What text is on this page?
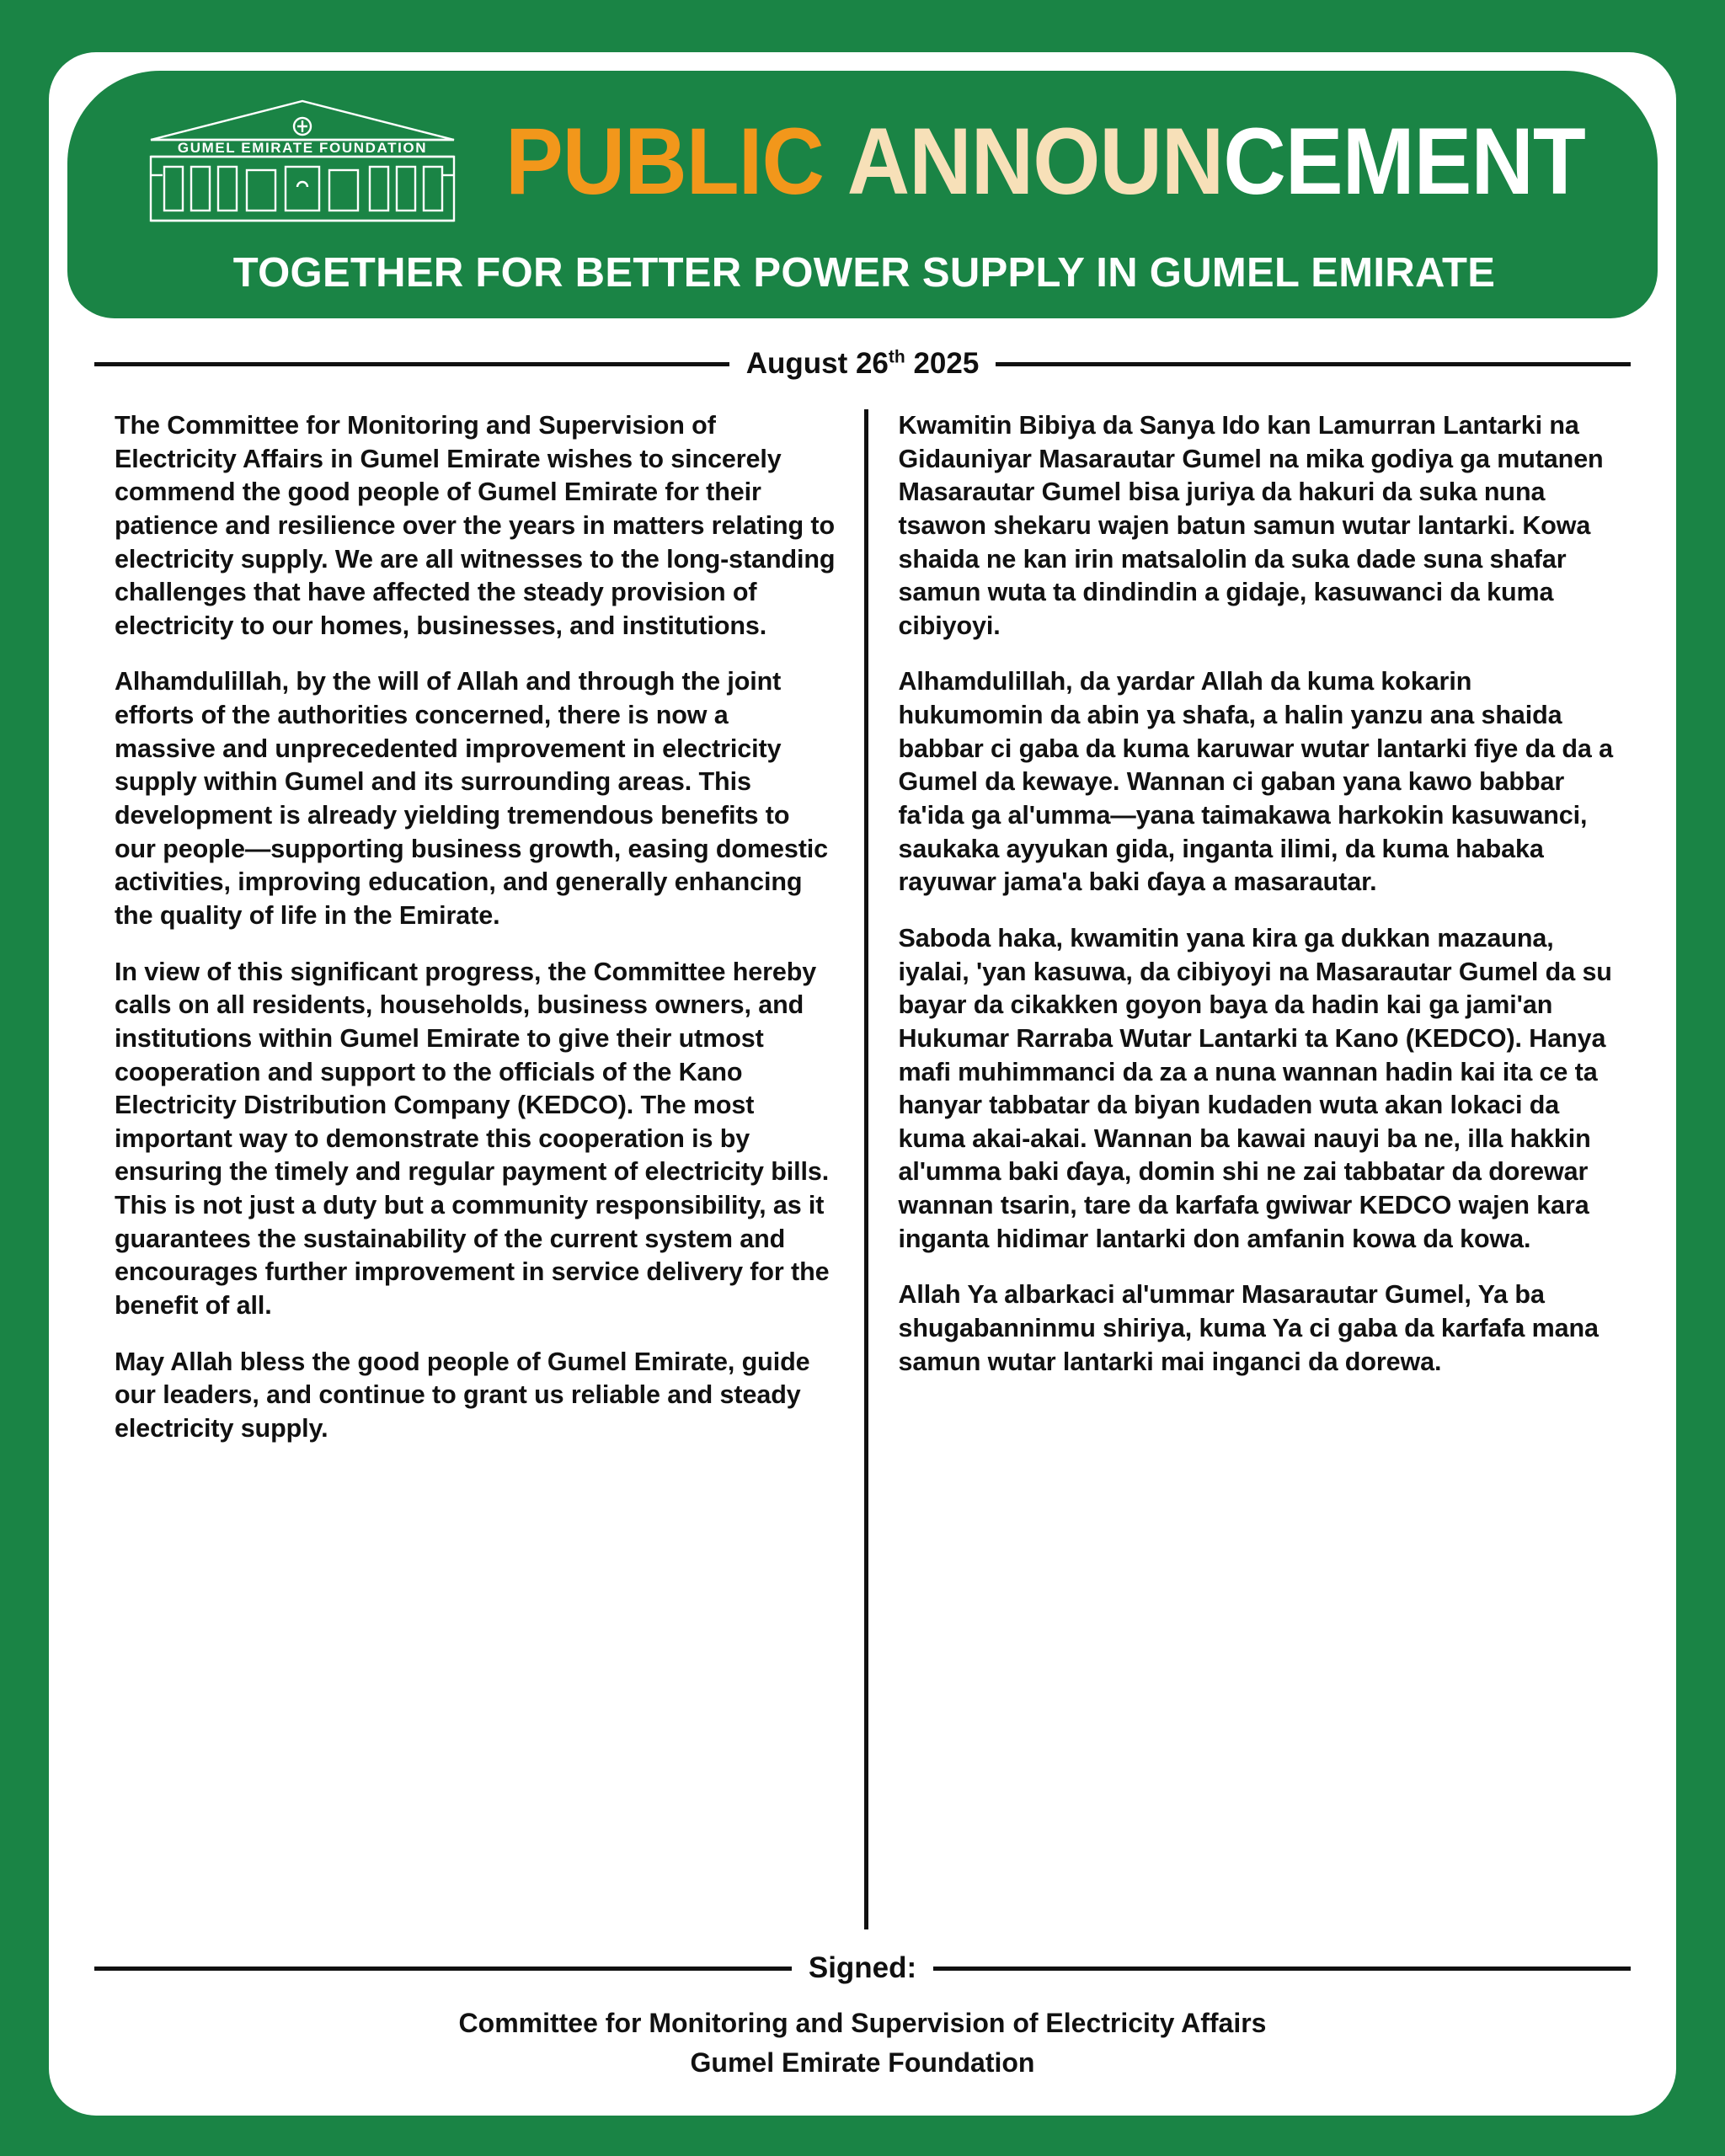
GUMEL EMIRATE FOUNDATION PUBLIC ANNOUNCEMENT
TOGETHER FOR BETTER POWER SUPPLY IN GUMEL EMIRATE
August 26th 2025

The Committee for Monitoring and Supervision of Electricity Affairs in Gumel Emirate wishes to sincerely commend the good people of Gumel Emirate for their patience and resilience over the years in matters relating to electricity supply. We are all witnesses to the long-standing challenges that have affected the steady provision of electricity to our homes, businesses, and institutions.

Alhamdulillah, by the will of Allah and through the joint efforts of the authorities concerned, there is now a massive and unprecedented improvement in electricity supply within Gumel and its surrounding areas. This development is already yielding tremendous benefits to our people—supporting business growth, easing domestic activities, improving education, and generally enhancing the quality of life in the Emirate.

In view of this significant progress, the Committee hereby calls on all residents, households, business owners, and institutions within Gumel Emirate to give their utmost cooperation and support to the officials of the Kano Electricity Distribution Company (KEDCO). The most important way to demonstrate this cooperation is by ensuring the timely and regular payment of electricity bills. This is not just a duty but a community responsibility, as it guarantees the sustainability of the current system and encourages further improvement in service delivery for the benefit of all.

May Allah bless the good people of Gumel Emirate, guide our leaders, and continue to grant us reliable and steady electricity supply.

Kwamitin Bibiya da Sanya Ido kan Lamurran Lantarki na Gidauniyar Masarautar Gumel na mika godiya ga mutanen Masarautar Gumel bisa juriya da hakuri da suka nuna tsawon shekaru wajen batun samun wutar lantarki. Kowa shaida ne kan irin matsalolin da suka dade suna shafar samun wuta ta dindindin a gidaje, kasuwanci da kuma cibiyoyi.

Alhamdulillah, da yardar Allah da kuma kokarin hukumomin da abin ya shafa, a halin yanzu ana shaida babbar ci gaba da kuma karuwar wutar lantarki fiye da da a Gumel da kewaye. Wannan ci gaban yana kawo babbar fa'ida ga al'umma—yana taimakawa harkokin kasuwanci, saukaka ayyukan gida, inganta ilimi, da kuma habaka rayuwar jama'a baki ɗaya a masarautar.

Saboda haka, kwamitin yana kira ga dukkan mazauna, iyalai, 'yan kasuwa, da cibiyoyi na Masarautar Gumel da su bayar da cikakken goyon baya da hadin kai ga jami'an Hukumar Rarraba Wutar Lantarki ta Kano (KEDCO). Hanya mafi muhimmanci da za a nuna wannan hadin kai ita ce ta hanyar tabbatar da biyan kudaden wuta akan lokaci da kuma akai-akai. Wannan ba kawai nauyi ba ne, illa hakkin al'umma baki ɗaya, domin shi ne zai tabbatar da dorewar wannan tsarin, tare da karfafa gwiwar KEDCO wajen kara inganta hidimar lantarki don amfanin kowa da kowa.

Allah Ya albarkaci al'ummar Masarautar Gumel, Ya ba shugabanninmu shiriya, kuma Ya ci gaba da karfafa mana samun wutar lantarki mai inganci da dorewa.

Signed:
Committee for Monitoring and Supervision of Electricity Affairs
Gumel Emirate Foundation
